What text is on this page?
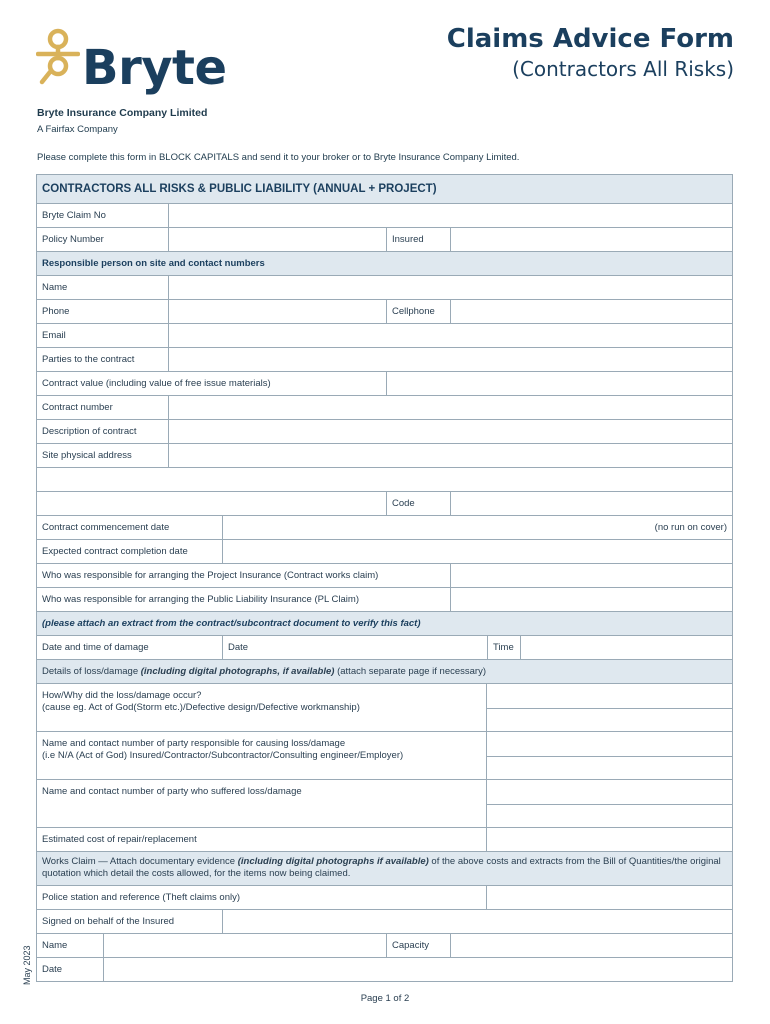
Bryte
Claims Advice Form
(Contractors All Risks)
Bryte Insurance Company Limited
A Fairfax Company
Please complete this form in BLOCK CAPITALS and send it to your broker or to Bryte Insurance Company Limited.
CONTRACTORS ALL RISKS & PUBLIC LIABILITY (ANNUAL + PROJECT)
Bryte Claim No
Policy Number	Insured
Responsible person on site and contact numbers
Name
Phone	Cellphone
Email
Parties to the contract
Contract value (including value of free issue materials)
Contract number
Description of contract
Site physical address
Code
Contract commencement date	(no run on cover)
Expected contract completion date
Who was responsible for arranging the Project Insurance (Contract works claim)
Who was responsible for arranging the Public Liability Insurance (PL Claim)
(please attach an extract from the contract/subcontract document to verify this fact)
Date and time of damage	Date	Time
Details of loss/damage (including digital photographs, if available) (attach separate page if necessary)
How/Why did the loss/damage occur?
(cause eg. Act of God(Storm etc.)/Defective design/Defective workmanship)
Name and contact number of party responsible for causing loss/damage
(i.e N/A (Act of God) Insured/Contractor/Subcontractor/Consulting engineer/Employer)
Name and contact number of party who suffered loss/damage
Estimated cost of repair/replacement
Works Claim — Attach documentary evidence (including digital photographs if available) of the above costs and extracts from the Bill of Quantities/the original quotation which detail the costs allowed, for the items now being claimed.
Police station and reference (Theft claims only)
Signed on behalf of the Insured
Name	Capacity
Date
May 2023
Page 1 of 2
